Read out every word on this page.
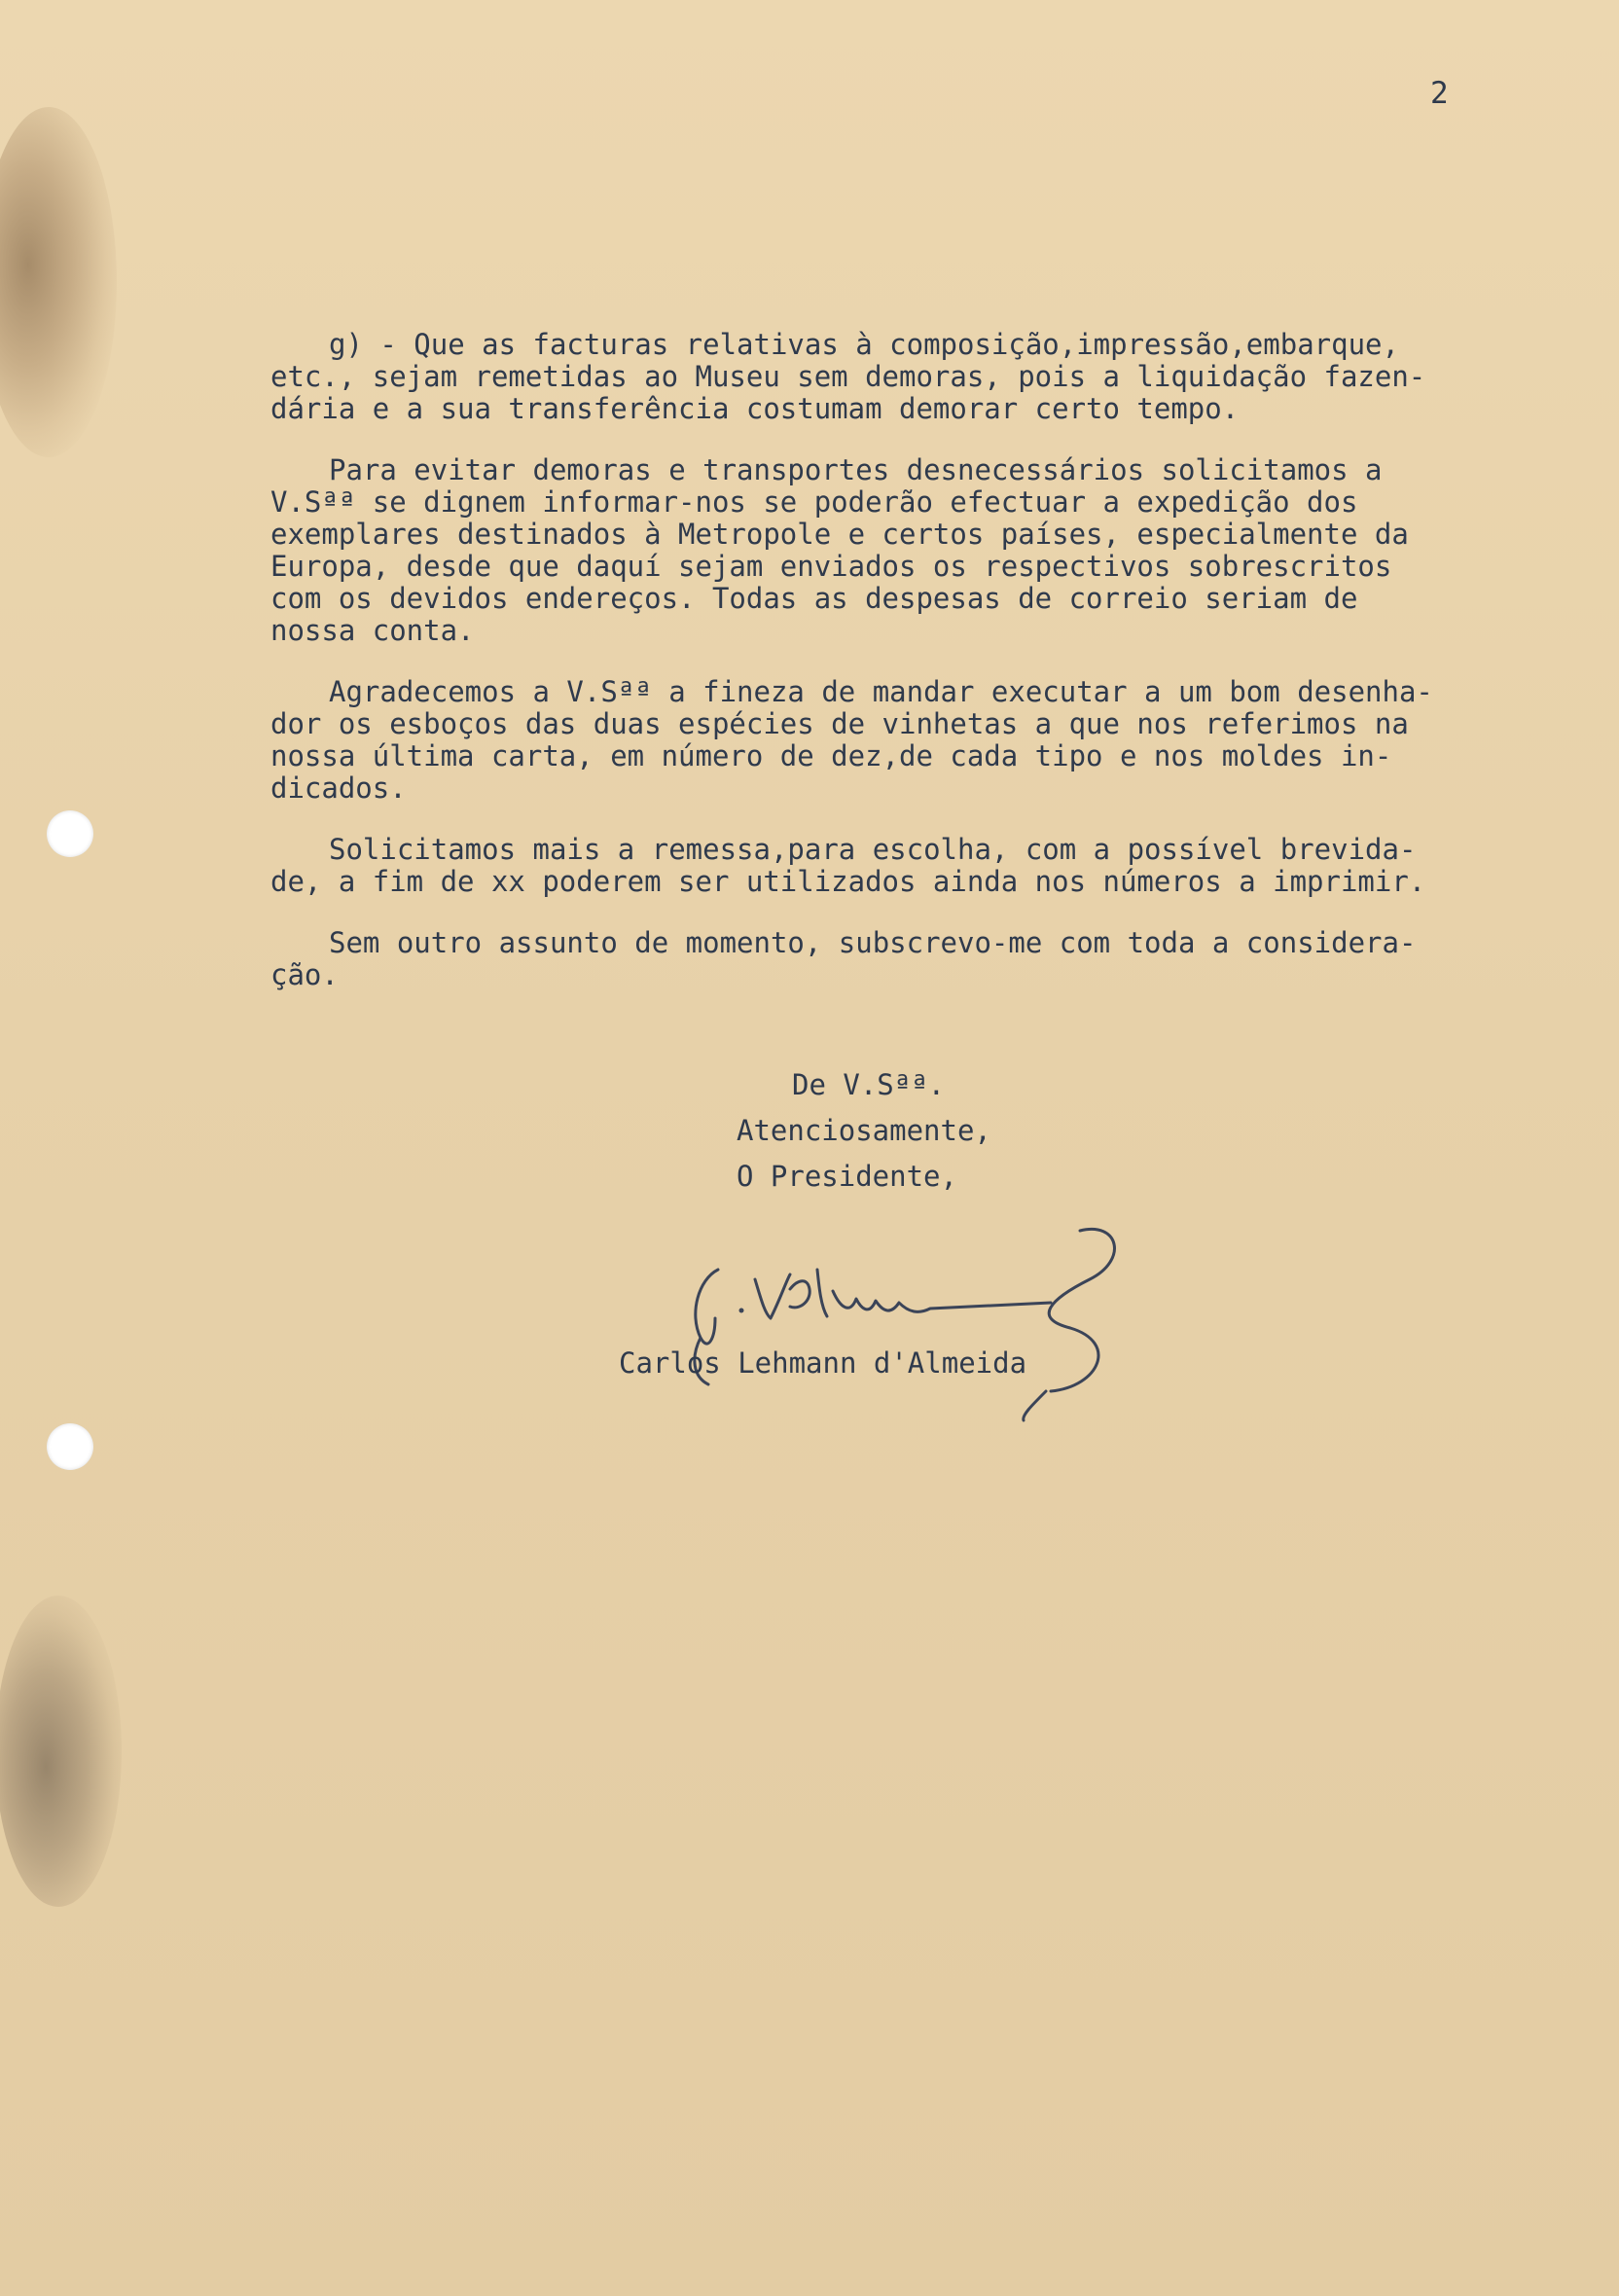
2
g) - Que as facturas relativas à composição,impressão,embarque,
etc., sejam remetidas ao Museu sem demoras, pois a liquidação fazen-
dária e a sua transferência costumam demorar certo tempo.
Para evitar demoras e transportes desnecessários solicitamos a
V.Sªª se dignem informar-nos se poderão efectuar a expedição dos
exemplares destinados à Metropole e certos países, especialmente da
Europa, desde que daquí sejam enviados os respectivos sobrescritos
com os devidos endereços. Todas as despesas de correio seriam de
nossa conta.
Agradecemos a V.Sªª a fineza de mandar executar a um bom desenha-
dor os esboços das duas espécies de vinhetas a que nos referimos na
nossa última carta, em número de dez,de cada tipo e nos moldes in-
dicados.
Solicitamos mais a remessa,para escolha, com a possível brevida-
de, a fim de xx poderem ser utilizados ainda nos números a imprimir.
Sem outro assunto de momento, subscrevo-me com toda a considera-
ção.
De V.Sªª.
Atenciosamente,
O Presidente,
Carlos Lehmann d'Almeida
